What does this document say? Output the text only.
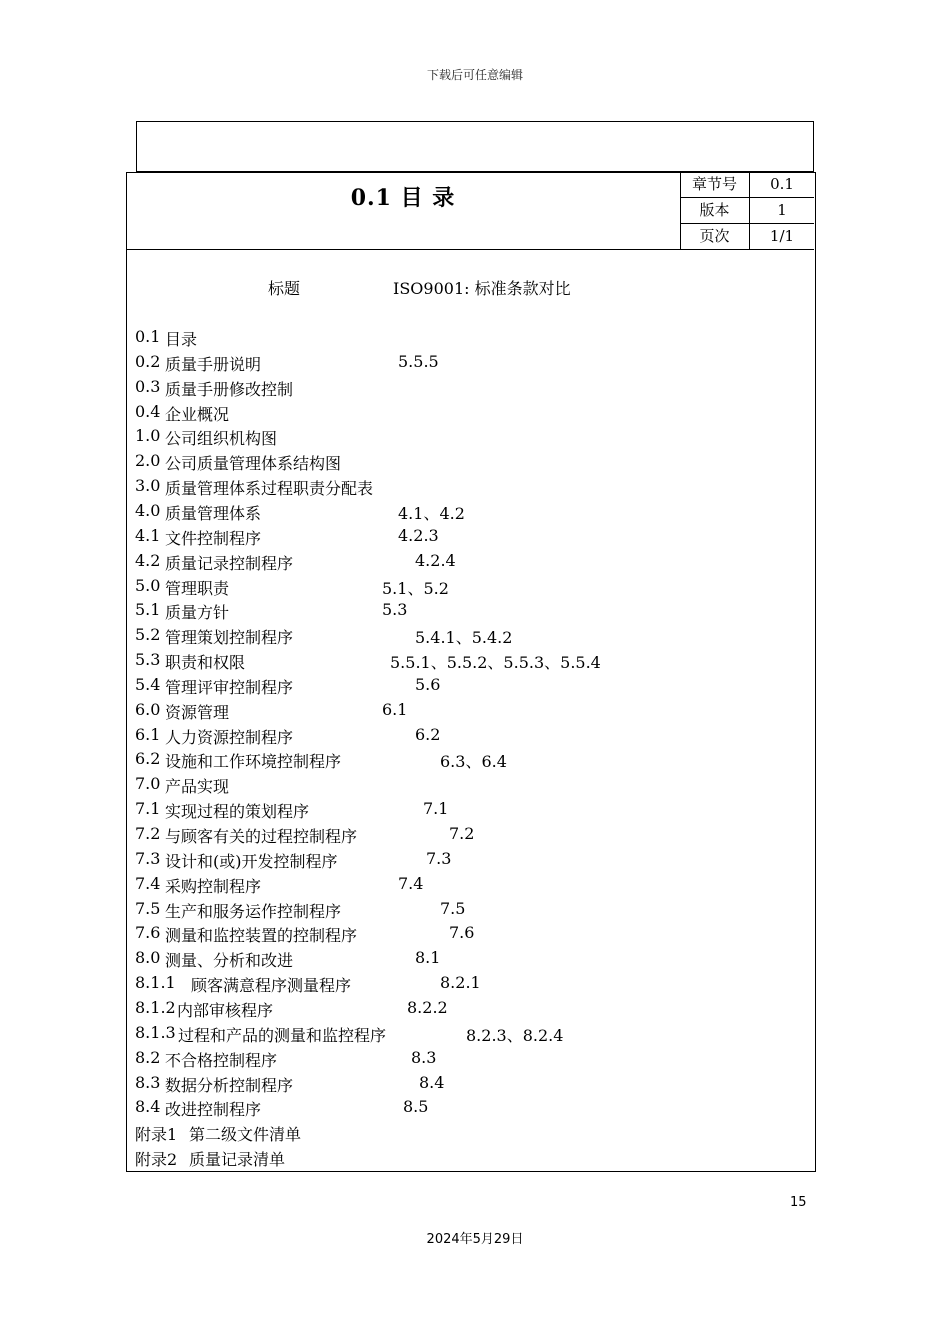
下载后可任意编辑
0.1 目 录
章节号	0.1
版本	1
页次	1/1
标题	ISO9001: 标准条款对比
0.1 目录
0.2 质量手册说明	5.5.5
0.3 质量手册修改控制
0.4 企业概况
1.0 公司组织机构图
2.0 公司质量管理体系结构图
3.0 质量管理体系过程职责分配表
4.0 质量管理体系	4.1、4.2
4.1 文件控制程序	4.2.3
4.2 质量记录控制程序	4.2.4
5.0 管理职责	5.1、5.2
5.1 质量方针	5.3
5.2 管理策划控制程序	5.4.1、5.4.2
5.3 职责和权限	5.5.1、5.5.2、5.5.3、5.5.4
5.4 管理评审控制程序	5.6
6.0 资源管理	6.1
6.1 人力资源控制程序	6.2
6.2 设施和工作环境控制程序	6.3、6.4
7.0 产品实现
7.1 实现过程的策划程序	7.1
7.2 与顾客有关的过程控制程序	7.2
7.3 设计和(或)开发控制程序	7.3
7.4 采购控制程序	7.4
7.5 生产和服务运作控制程序	7.5
7.6 测量和监控装置的控制程序	7.6
8.0 测量、分析和改进	8.1
8.1.1 顾客满意程序测量程序	8.2.1
8.1.2 内部审核程序	8.2.2
8.1.3 过程和产品的测量和监控程序	8.2.3、8.2.4
8.2 不合格控制程序	8.3
8.3 数据分析控制程序	8.4
8.4 改进控制程序	8.5
附录1 第二级文件清单
附录2 质量记录清单
15
2024年5月29日
